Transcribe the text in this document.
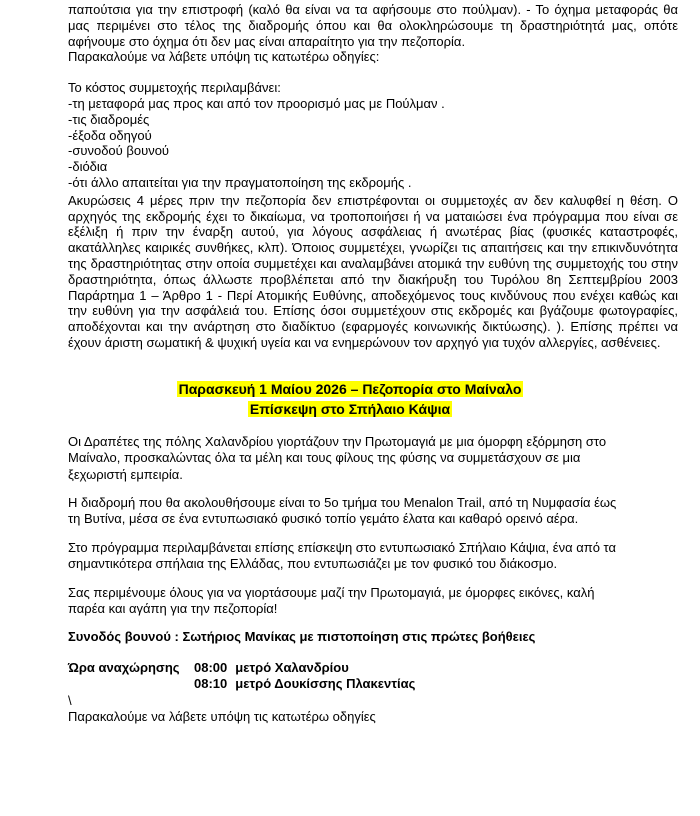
παπούτσια για την επιστροφή (καλό θα είναι να τα αφήσουμε στο πούλμαν). - Το όχημα μεταφοράς θα μας περιμένει στο τέλος της διαδρομής όπου και θα ολοκληρώσουμε τη δραστηριότητά μας, οπότε αφήνουμε στο όχημα ότι δεν μας είναι απαραίτητο για την πεζοπορία.

Παρακαλούμε να λάβετε υπόψη τις κατωτέρω οδηγίες:

Το κόστος συμμετοχής περιλαμβάνει:

-τη μεταφορά μας προς και από τον προορισμό μας με Πούλμαν .

-τις διαδρομές

-έξοδα οδηγού

-συνοδού βουνού

-διόδια

-ότι άλλο απαιτείται για την πραγματοποίηση της εκδρομής .

Ακυρώσεις 4 μέρες πριν την πεζοπορία δεν επιστρέφονται οι συμμετοχές αν δεν καλυφθεί η θέση. Ο αρχηγός της εκδρομής έχει το δικαίωμα, να τροποποιήσει ή να ματαιώσει ένα πρόγραμμα που είναι σε εξέλιξη ή πριν την έναρξη αυτού, για λόγους ασφάλειας ή ανωτέρας βίας (φυσικές καταστροφές, ακατάλληλες καιρικές συνθήκες, κλπ). Όποιος συμμετέχει, γνωρίζει τις απαιτήσεις και την επικινδυνότητα της δραστηριότητας στην οποία συμμετέχει και αναλαμβάνει ατομικά την ευθύνη της συμμετοχής του στην δραστηριότητα, όπως άλλωστε προβλέπεται από την διακήρυξη του Τυρόλου 8η Σεπτεμβρίου 2003 Παράρτημα 1 – Άρθρο 1 - Περί Ατομικής Ευθύνης, αποδεχόμενος τους κινδύνους που ενέχει καθώς και την ευθύνη για την ασφάλειά του. Επίσης όσοι συμμετέχουν στις εκδρομές και βγάζουμε φωτογραφίες, αποδέχονται και την ανάρτηση στο διαδίκτυο (εφαρμογές κοινωνικής δικτύωσης). ). Επίσης πρέπει να έχουν άριστη σωματική & ψυχική υγεία και να ενημερώνουν τον αρχηγό για τυχόν αλλεργίες, ασθένειες.

Παρασκευή 1 Μαίου 2026 – Πεζοπορία στο Μαίναλο
Επίσκεψη στο Σπήλαιο Κάψια

Οι Δραπέτες της πόλης Χαλανδρίου γιορτάζουν την Πρωτομαγιά με μια όμορφη εξόρμηση στο Μαίναλο, προσκαλώντας όλα τα μέλη και τους φίλους της φύσης να συμμετάσχουν σε μια ξεχωριστή εμπειρία.

Η διαδρομή που θα ακολουθήσουμε είναι το 5ο τμήμα του Menalon Trail, από τη Νυμφασία έως τη Βυτίνα, μέσα σε ένα εντυπωσιακό φυσικό τοπίο γεμάτο έλατα και καθαρό ορεινό αέρα.

Στο πρόγραμμα περιλαμβάνεται επίσης επίσκεψη στο εντυπωσιακό Σπήλαιο Κάψια, ένα από τα σημαντικότερα σπήλαια της Ελλάδας, που εντυπωσιάζει με τον φυσικό του διάκοσμο.

Σας περιμένουμε όλους για να γιορτάσουμε μαζί την Πρωτομαγιά, με όμορφες εικόνες, καλή παρέα και αγάπη για την πεζοπορία!

Συνοδός βουνού : Σωτήριος Μανίκας με πιστοποίηση στις πρώτες βοήθειες

Ώρα αναχώρησης 08:00 μετρό Χαλανδρίου
08:10 μετρό Δουκίσσης Πλακεντίας

\

Παρακαλούμε να λάβετε υπόψη τις κατωτέρω οδηγίες
